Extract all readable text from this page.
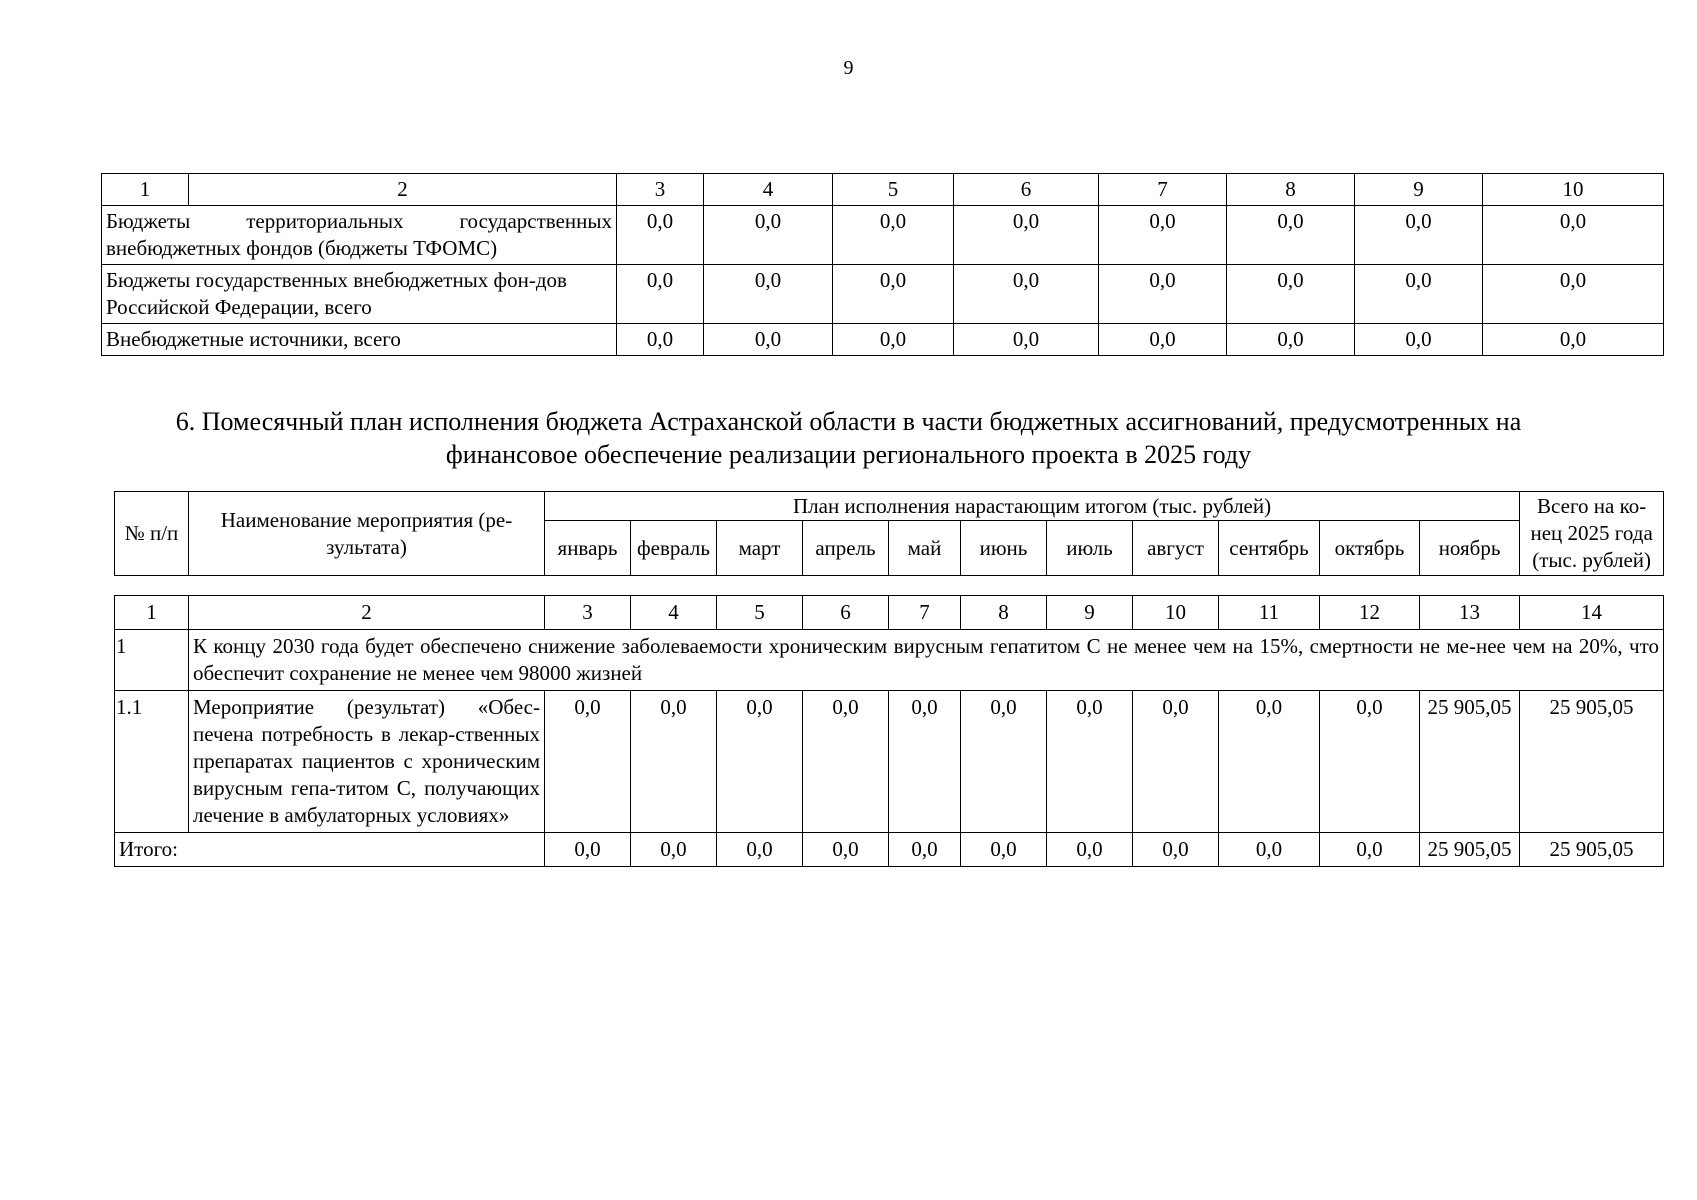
9
1	2	3	4	5	6	7	8	9	10
Бюджеты территориальных государственных внебюджетных фондов (бюджеты ТФОМС)		0,0	0,0	0,0	0,0	0,0	0,0	0,0	0,0
Бюджеты государственных внебюджетных фон-дов Российской Федерации, всего		0,0	0,0	0,0	0,0	0,0	0,0	0,0	0,0
Внебюджетные источники, всего		0,0	0,0	0,0	0,0	0,0	0,0	0,0	0,0
6. Помесячный план исполнения бюджета Астраханской области в части бюджетных ассигнований, предусмотренных на
финансовое обеспечение реализации регионального проекта в 2025 году
№ п/п	Наименование мероприятия (ре-зультата)	План исполнения нарастающим итогом (тыс. рублей)											Всего на ко-нец 2025 года (тыс. рублей)
		январь	февраль	март	апрель	май	июнь	июль	август	сентябрь	октябрь	ноябрь	
1	2	3	4	5	6	7	8	9	10	11	12	13	14
1	К концу 2030 года будет обеспечено снижение заболеваемости хроническим вирусным гепатитом С не менее чем на 15%, смертности не ме-нее чем на 20%, что обеспечит сохранение не менее чем 98000 жизней												
1.1	Мероприятие (результат) «Обес-печена потребность в лекар-ственных препаратах пациентов с хроническим вирусным гепа-титом С, получающих лечение в амбулаторных условиях»	0,0	0,0	0,0	0,0	0,0	0,0	0,0	0,0	0,0	0,0	25 905,05	25 905,05
Итого:		0,0	0,0	0,0	0,0	0,0	0,0	0,0	0,0	0,0	0,0	25 905,05	25 905,05
